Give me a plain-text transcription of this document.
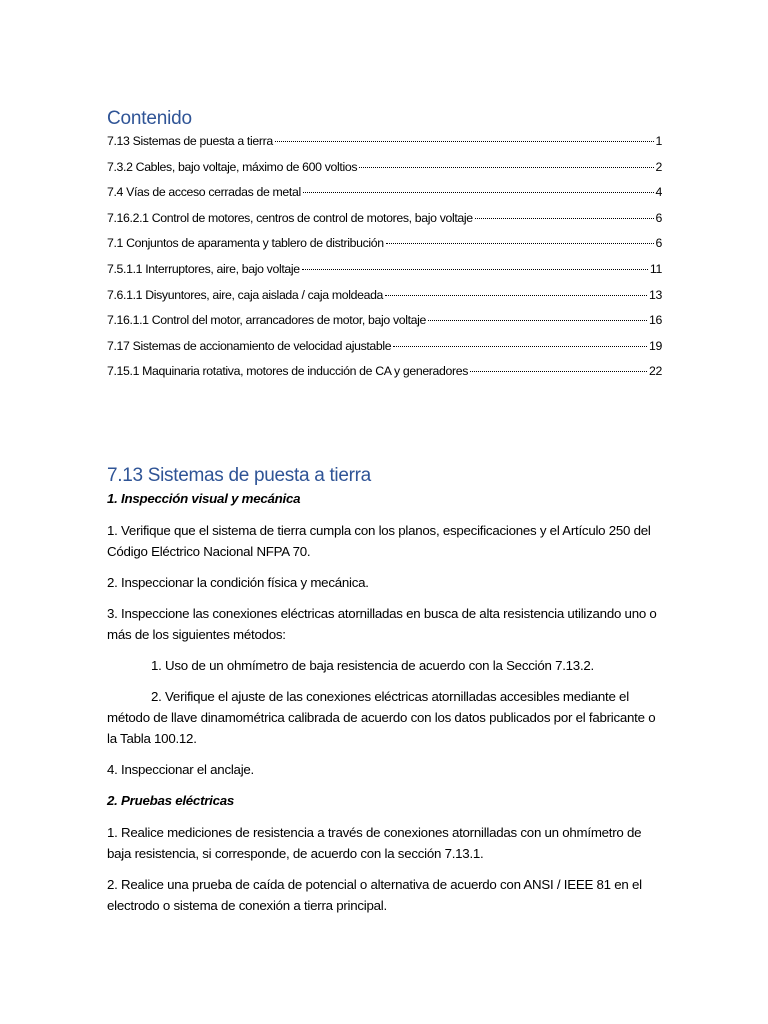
Contenido
7.13 Sistemas de puesta a tierra	1
7.3.2 Cables, bajo voltaje, máximo de 600 voltios	2
7.4 Vías de acceso cerradas de metal	4
7.16.2.1 Control de motores, centros de control de motores, bajo voltaje	6
7.1 Conjuntos de aparamenta y tablero de distribución	6
7.5.1.1 Interruptores, aire, bajo voltaje	11
7.6.1.1 Disyuntores, aire, caja aislada / caja moldeada	13
7.16.1.1 Control del motor, arrancadores de motor, bajo voltaje	16
7.17 Sistemas de accionamiento de velocidad ajustable	19
7.15.1 Maquinaria rotativa, motores de inducción de CA y generadores	22
7.13 Sistemas de puesta a tierra

1. Inspección visual y mecánica

1. Verifique que el sistema de tierra cumpla con los planos, especificaciones y el Artículo 250 del Código Eléctrico Nacional NFPA 70.

2. Inspeccionar la condición física y mecánica.

3. Inspeccione las conexiones eléctricas atornilladas en busca de alta resistencia utilizando uno o más de los siguientes métodos:

1. Uso de un ohmímetro de baja resistencia de acuerdo con la Sección 7.13.2.

2. Verifique el ajuste de las conexiones eléctricas atornilladas accesibles mediante el método de llave dinamométrica calibrada de acuerdo con los datos publicados por el fabricante o la Tabla 100.12.

4. Inspeccionar el anclaje.

2. Pruebas eléctricas

1. Realice mediciones de resistencia a través de conexiones atornilladas con un ohmímetro de baja resistencia, si corresponde, de acuerdo con la sección 7.13.1.

2. Realice una prueba de caída de potencial o alternativa de acuerdo con ANSI / IEEE 81 en el electrodo o sistema de conexión a tierra principal.
